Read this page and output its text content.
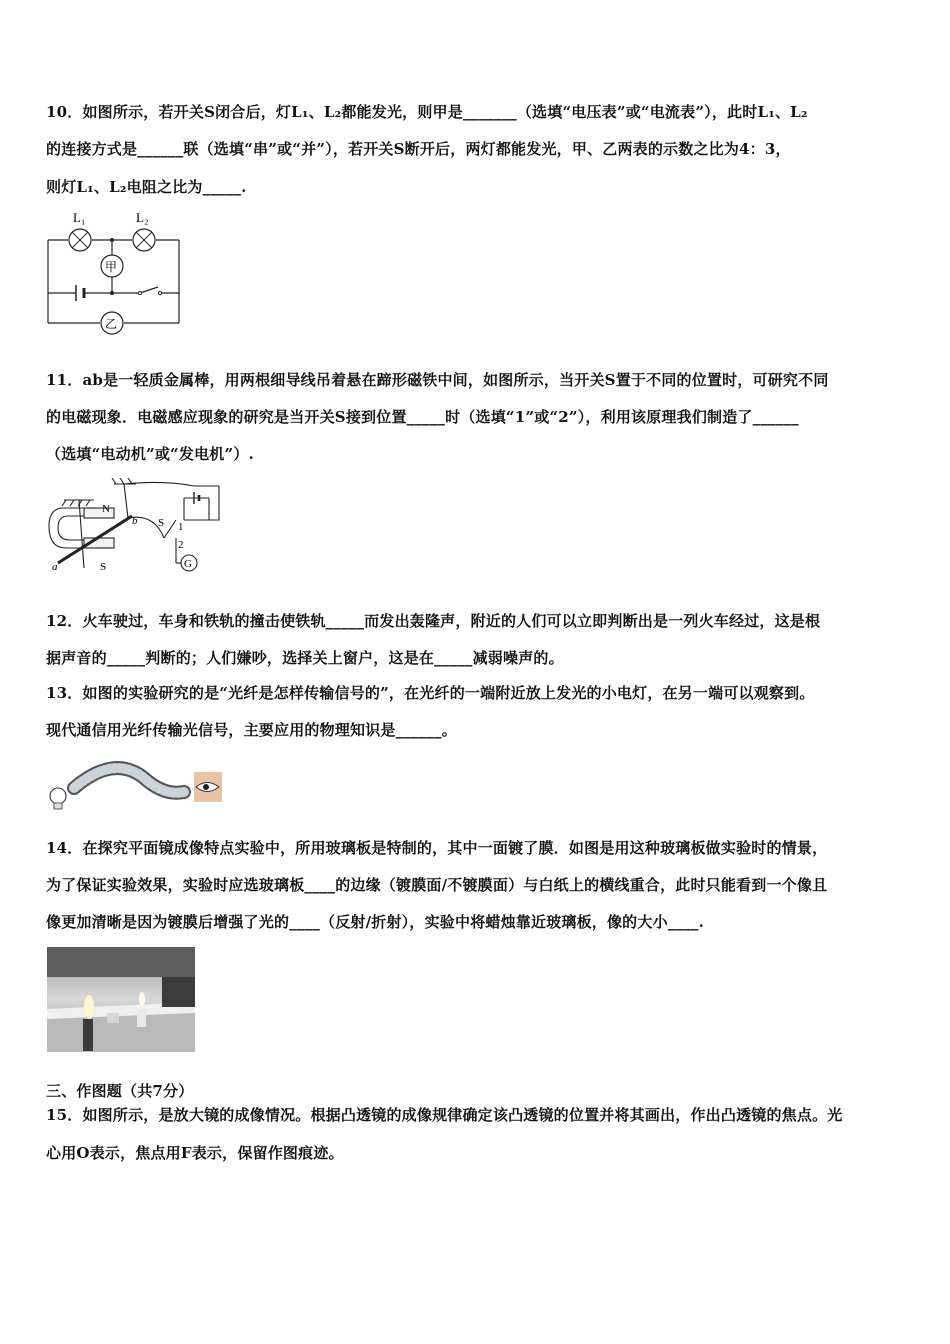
10．如图所示，若开关S闭合后，灯L₁、L₂都能发光，则甲是_______（选填“电压表”或“电流表”），此时L₁、L₂
的连接方式是______联（选填“串”或“并”），若开关S断开后，两灯都能发光，甲、乙两表的示数之比为4：3，
则灯L₁、L₂电阻之比为_____.
L₁	L₂
甲
乙
11．ab是一轻质金属棒，用两根细导线吊着悬在蹄形磁铁中间，如图所示，当开关S置于不同的位置时，可研究不同
的电磁现象．电磁感应现象的研究是当开关S接到位置_____时（选填“1”或“2”），利用该原理我们制造了______
（选填“电动机”或“发电机”）.
G
N
S
a
b S 1
2
12．火车驶过，车身和铁轨的撞击使铁轨_____而发出轰隆声，附近的人们可以立即判断出是一列火车经过，这是根
据声音的_____判断的；人们嫌吵，选择关上窗户，这是在_____减弱噪声的。
13．如图的实验研究的是“光纤是怎样传输信号的”，在光纤的一端附近放上发光的小电灯，在另一端可以观察到。
现代通信用光纤传输光信号，主要应用的物理知识是______。
14．在探究平面镜成像特点实验中，所用玻璃板是特制的，其中一面镀了膜．如图是用这种玻璃板做实验时的情景，
为了保证实验效果，实验时应选玻璃板____的边缘（镀膜面/不镀膜面）与白纸上的横线重合，此时只能看到一个像且
像更加清晰是因为镀膜后增强了光的____（反射/折射），实验中将蜡烛靠近玻璃板，像的大小____.
三、作图题（共7分）
15．如图所示，是放大镜的成像情况。根据凸透镜的成像规律确定该凸透镜的位置并将其画出，作出凸透镜的焦点。光
心用O表示，焦点用F表示，保留作图痕迹。
